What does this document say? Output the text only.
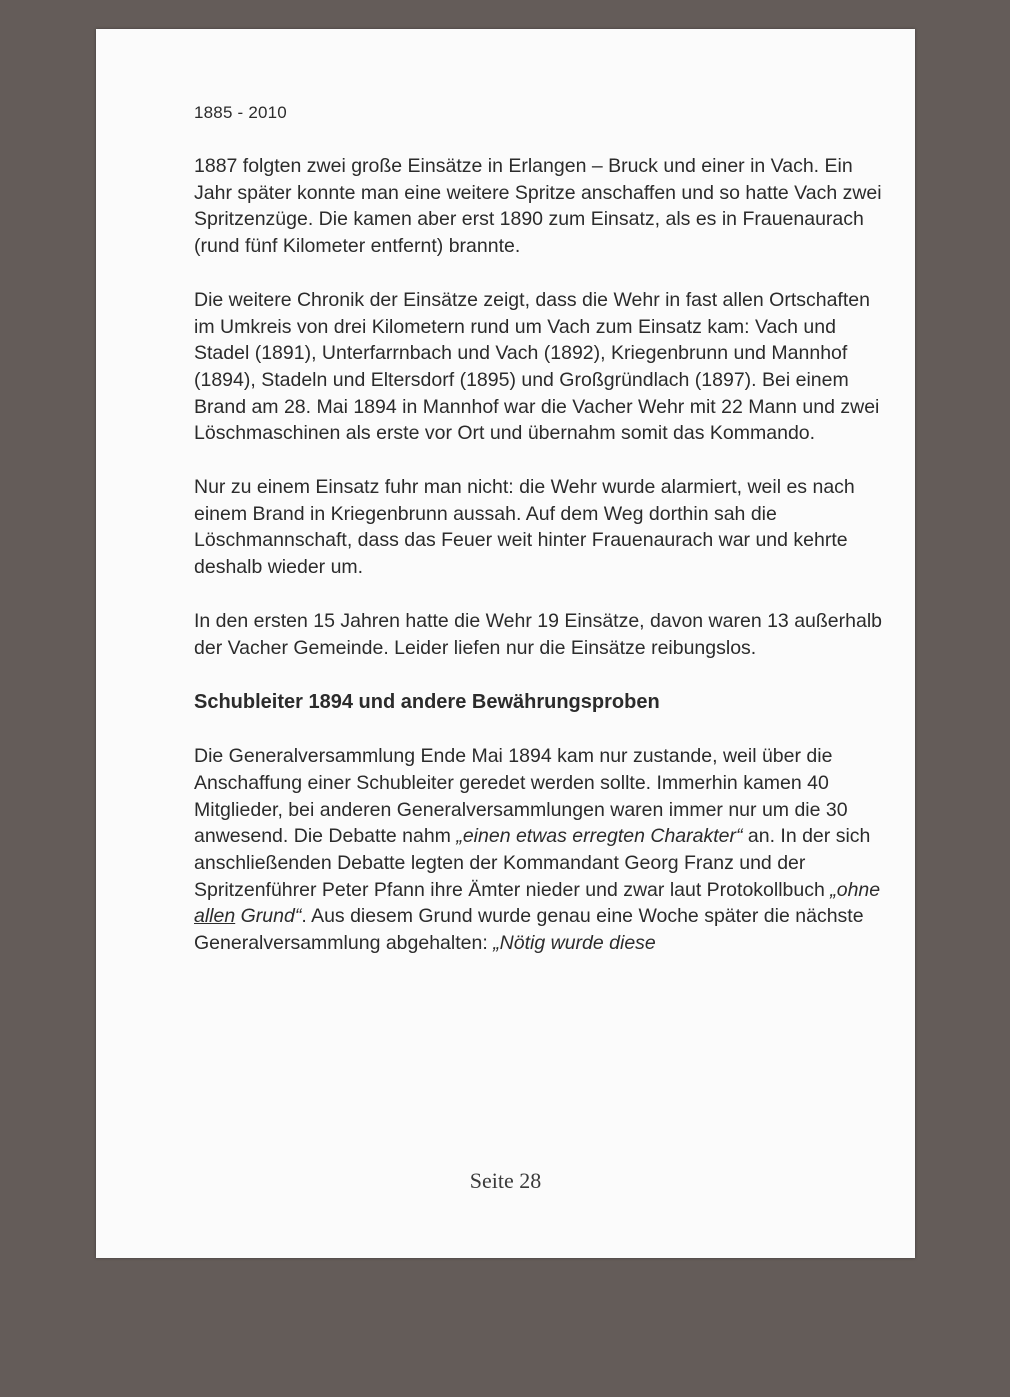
1885 - 2010

1887 folgten zwei große Einsätze in Erlangen – Bruck und einer in Vach. Ein Jahr später konnte man eine weitere Spritze anschaffen und so hatte Vach zwei Spritzenzüge. Die kamen aber erst 1890 zum Einsatz, als es in Frauenaurach (rund fünf Kilometer entfernt) brannte.

Die weitere Chronik der Einsätze zeigt, dass die Wehr in fast allen Ortschaften im Umkreis von drei Kilometern rund um Vach zum Einsatz kam: Vach und Stadel (1891), Unterfarrnbach und Vach (1892), Kriegenbrunn und Mannhof (1894), Stadeln und Eltersdorf (1895) und Großgründlach (1897). Bei einem Brand am 28. Mai 1894 in Mannhof war die Vacher Wehr mit 22 Mann und zwei Löschmaschinen als erste vor Ort und übernahm somit das Kommando.

Nur zu einem Einsatz fuhr man nicht: die Wehr wurde alarmiert, weil es nach einem Brand in Kriegenbrunn aussah. Auf dem Weg dorthin sah die Löschmannschaft, dass das Feuer weit hinter Frauenaurach war und kehrte deshalb wieder um.

In den ersten 15 Jahren hatte die Wehr 19 Einsätze, davon waren 13 außerhalb der Vacher Gemeinde. Leider liefen nur die Einsätze reibungslos.

Schubleiter 1894 und andere Bewährungsproben

Die Generalversammlung Ende Mai 1894 kam nur zustande, weil über die Anschaffung einer Schubleiter geredet werden sollte. Immerhin kamen 40 Mitglieder, bei anderen Generalversammlungen waren immer nur um die 30 anwesend. Die Debatte nahm „einen etwas erregten Charakter“ an. In der sich anschließenden Debatte legten der Kommandant Georg Franz und der Spritzenführer Peter Pfann ihre Ämter nieder und zwar laut Protokollbuch „ohne allen Grund“. Aus diesem Grund wurde genau eine Woche später die nächste Generalversammlung abgehalten: „Nötig wurde diese

Seite 28
